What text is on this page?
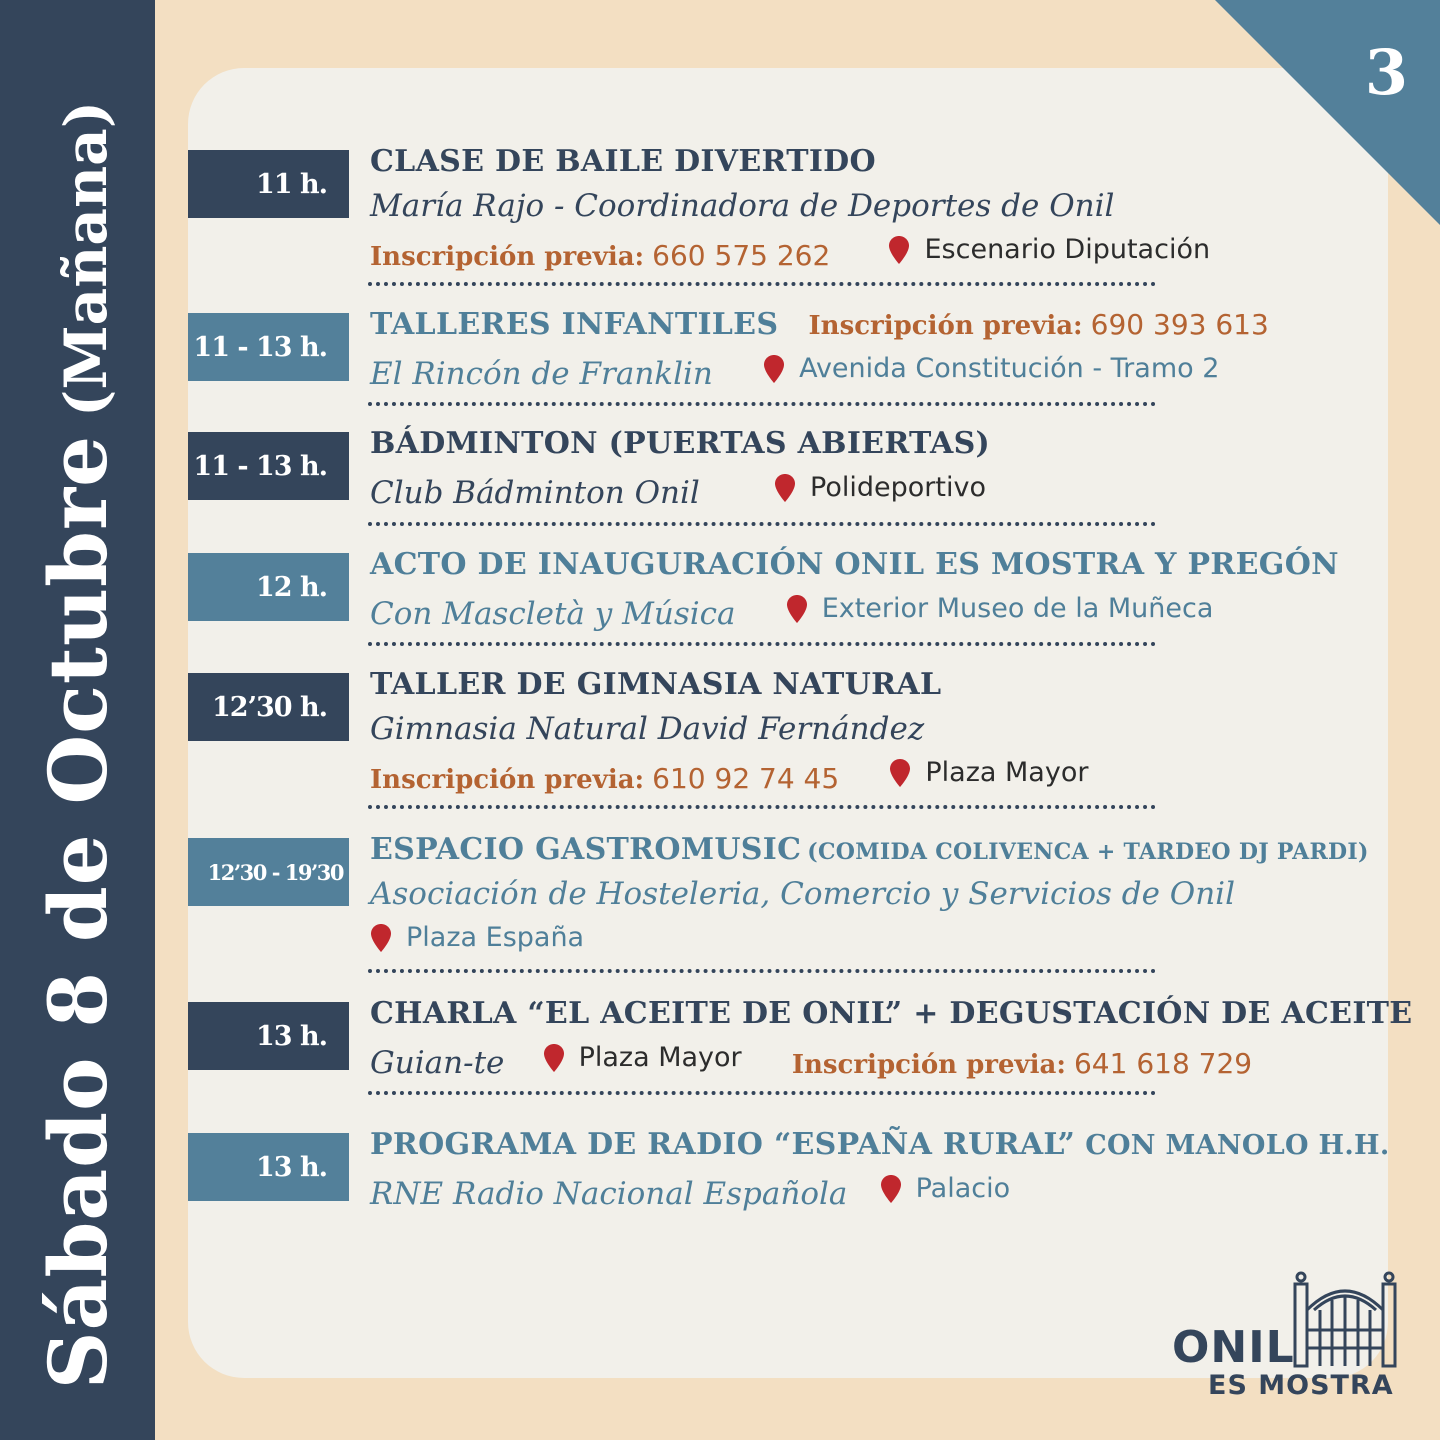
Sábado 8 de Octubre(Mañana)
3
11 h.
CLASE DE BAILE DIVERTIDO
María Rajo - Coordinadora de Deportes de Onil
Inscripción previa: 660 575 262	Escenario Diputación
11 - 13 h.
TALLERES INFANTILES Inscripción previa: 690 393 613
El Rincón de Franklin	Avenida Constitución - Tramo 2
11 - 13 h.
BÁDMINTON (PUERTAS ABIERTAS)
Club Bádminton Onil	Polideportivo
12 h.
ACTO DE INAUGURACIÓN ONIL ES MOSTRA Y PREGÓN
Con Mascletà y Música	Exterior Museo de la Muñeca
12’30 h.
TALLER DE GIMNASIA NATURAL
Gimnasia Natural David Fernández
Inscripción previa: 610 92 74 45	Plaza Mayor
12’30 - 19’30
ESPACIO GASTROMUSIC (COMIDA COLIVENCA + TARDEO DJ PARDI)
Asociación de Hosteleria, Comercio y Servicios de Onil
Plaza España
13 h.
CHARLA “EL ACEITE DE ONIL” + DEGUSTACIÓN DE ACEITE
Guian-te	Plaza Mayor Inscripción previa: 641 618 729
13 h.
PROGRAMA DE RADIO “ESPAÑA RURAL” CON MANOLO H.H.
RNE Radio Nacional Española	Palacio
ONIL
ES MOSTRA
